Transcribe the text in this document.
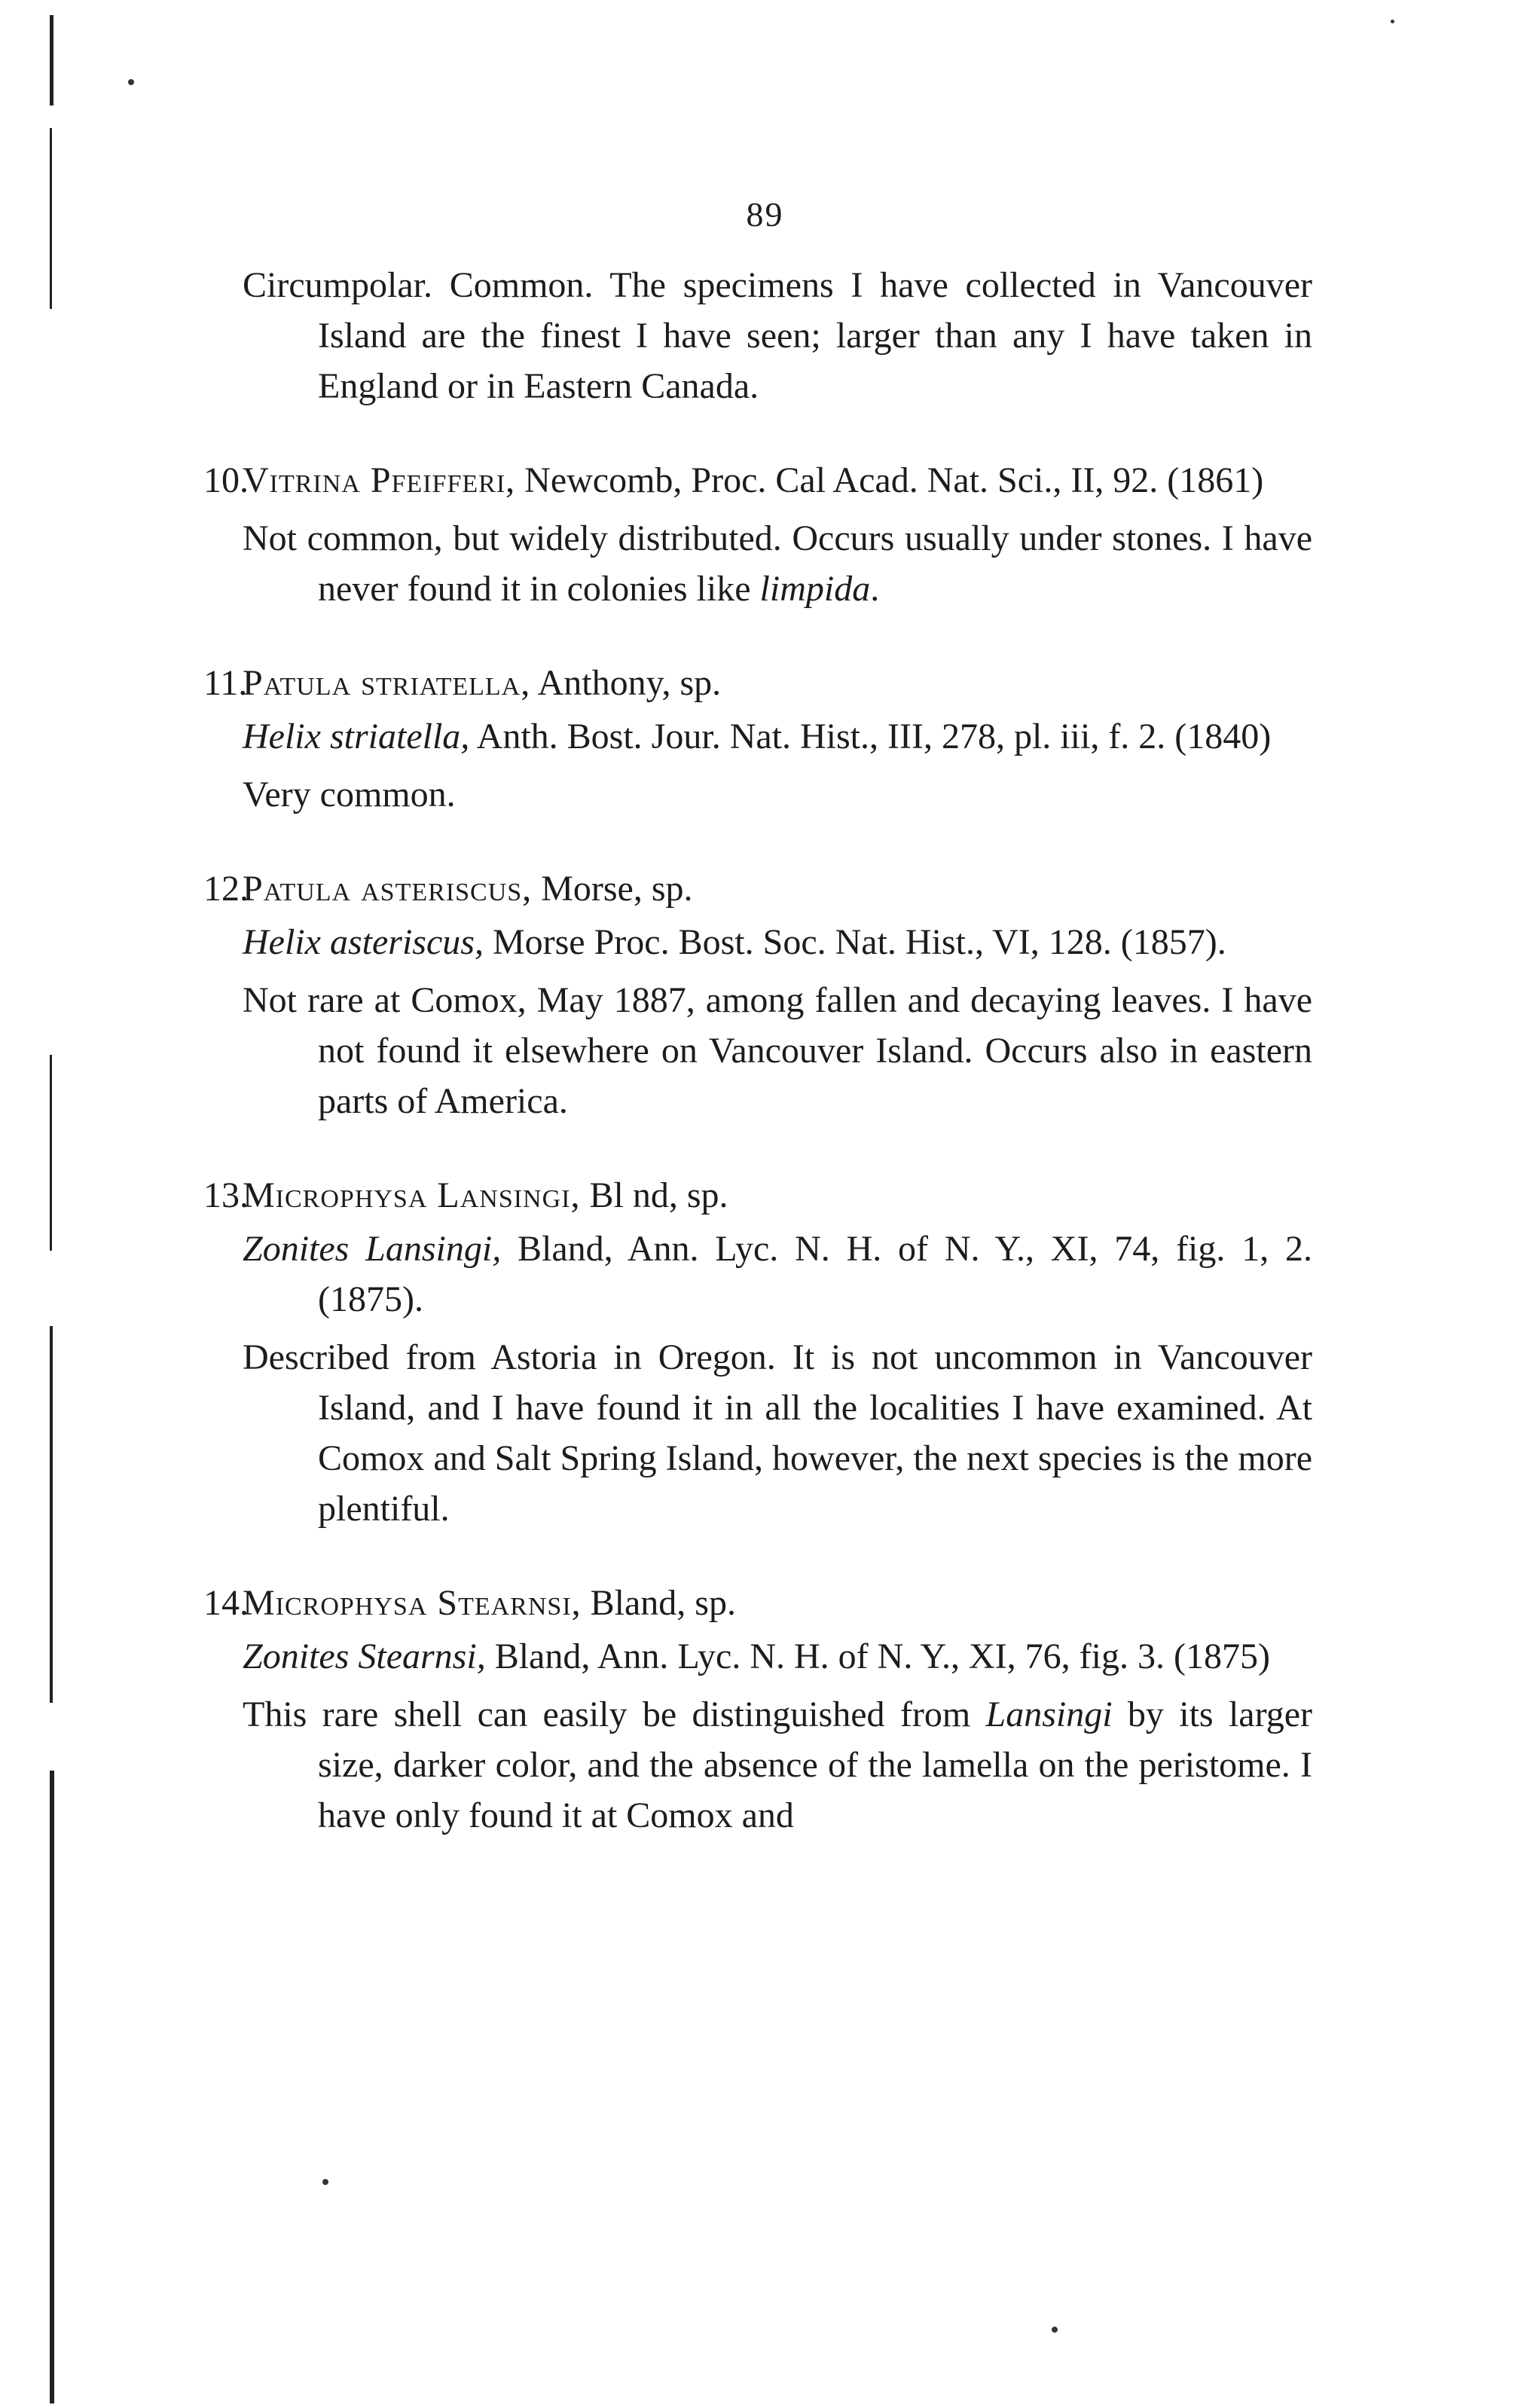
89

Circumpolar. Common. The specimens I have collected in Vancouver Island are the finest I have seen; larger than any I have taken in England or in Eastern Canada.

10.
Vitrina Pfeifferi, Newcomb, Proc. Cal Acad. Nat. Sci., II, 92. (1861)

Not common, but widely distributed. Occurs usually under stones. I have never found it in colonies like limpida.

11.
Patula striatella, Anthony, sp.

Helix striatella, Anth. Bost. Jour. Nat. Hist., III, 278, pl. iii, f. 2. (1840)

Very common.

12.
Patula asteriscus, Morse, sp.

Helix asteriscus, Morse Proc. Bost. Soc. Nat. Hist., VI, 128. (1857).

Not rare at Comox, May 1887, among fallen and decaying leaves. I have not found it elsewhere on Vancouver Island. Occurs also in eastern parts of America.

13.
Microphysa Lansingi, Bl nd, sp.

Zonites Lansingi, Bland, Ann. Lyc. N. H. of N. Y., XI, 74, fig. 1, 2. (1875).

Described from Astoria in Oregon. It is not uncommon in Vancouver Island, and I have found it in all the localities I have examined. At Comox and Salt Spring Island, however, the next species is the more plentiful.

14.
Microphysa Stearnsi, Bland, sp.

Zonites Stearnsi, Bland, Ann. Lyc. N. H. of N. Y., XI, 76, fig. 3. (1875)

This rare shell can easily be distinguished from Lansingi by its larger size, darker color, and the absence of the lamella on the peristome. I have only found it at Comox and
